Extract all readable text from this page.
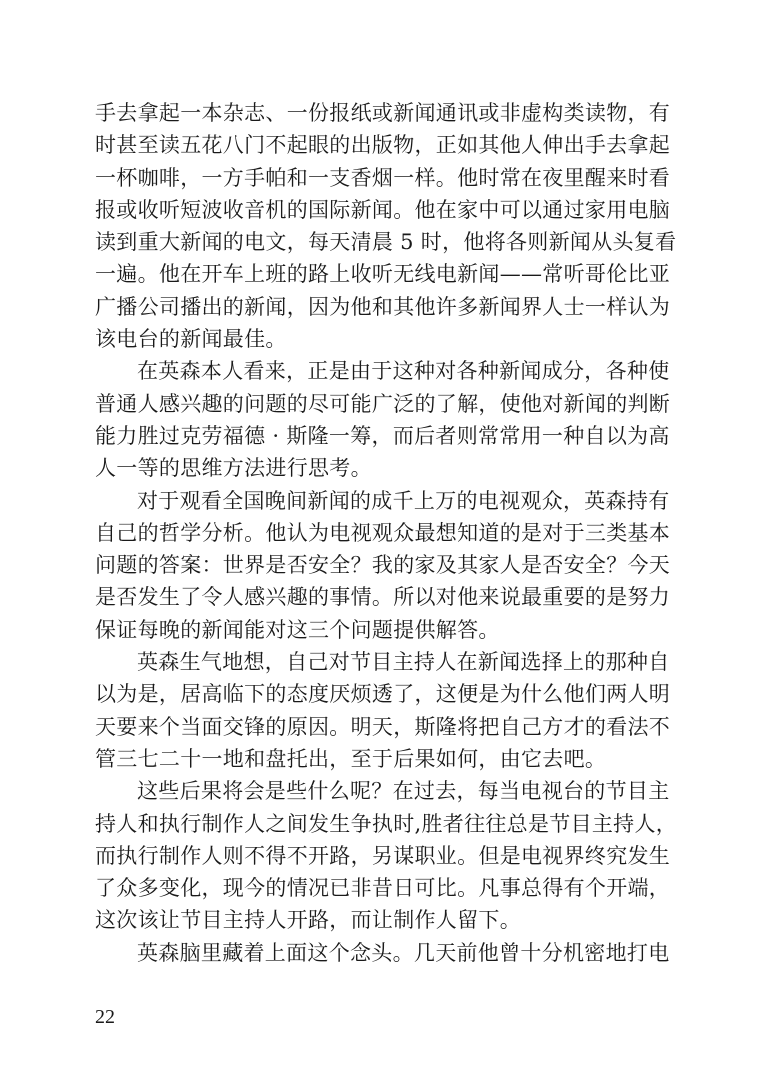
手去拿起一本杂志、一份报纸或新闻通讯或非虚构类读物，有
时甚至读五花八门不起眼的出版物，正如其他人伸出手去拿起
一杯咖啡，一方手帕和一支香烟一样。他时常在夜里醒来时看
报或收听短波收音机的国际新闻。他在家中可以通过家用电脑
读到重大新闻的电文，每天清晨 5 时，他将各则新闻从头复看
一遍。他在开车上班的路上收听无线电新闻——常听哥伦比亚
广播公司播出的新闻，因为他和其他许多新闻界人士一样认为
该电台的新闻最佳。
在英森本人看来，正是由于这种对各种新闻成分，各种使
普通人感兴趣的问题的尽可能广泛的了解，使他对新闻的判断
能力胜过克劳福德 · 斯隆一筹，而后者则常常用一种自以为高
人一等的思维方法进行思考。
对于观看全国晚间新闻的成千上万的电视观众，英森持有
自己的哲学分析。他认为电视观众最想知道的是对于三类基本
问题的答案：世界是否安全？我的家及其家人是否安全？今天
是否发生了令人感兴趣的事情。所以对他来说最重要的是努力
保证每晚的新闻能对这三个问题提供解答。
英森生气地想，自己对节目主持人在新闻选择上的那种自
以为是，居高临下的态度厌烦透了，这便是为什么他们两人明
天要来个当面交锋的原因。明天，斯隆将把自己方才的看法不
管三七二十一地和盘托出，至于后果如何，由它去吧。
这些后果将会是些什么呢？在过去，每当电视台的节目主
持人和执行制作人之间发生争执时,胜者往往总是节目主持人，
而执行制作人则不得不开路，另谋职业。但是电视界终究发生
了众多变化，现今的情况已非昔日可比。凡事总得有个开端，
这次该让节目主持人开路，而让制作人留下。
英森脑里藏着上面这个念头。几天前他曾十分机密地打电
22
